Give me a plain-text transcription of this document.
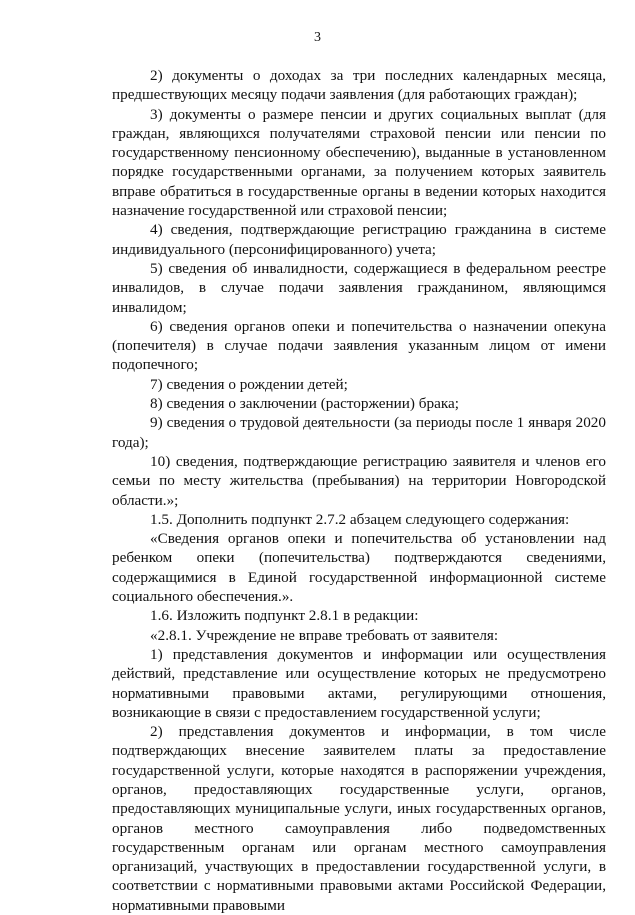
3

2) документы о доходах за три последних календарных месяца, предшествующих месяцу подачи заявления (для работающих граждан);

3) документы о размере пенсии и других социальных выплат (для граждан, являющихся получателями страховой пенсии или пенсии по государственному пенсионному обеспечению), выданные в установленном порядке государственными органами, за получением которых заявитель вправе обратиться в государственные органы в ведении которых находится назначение государственной или страховой пенсии;

4) сведения, подтверждающие регистрацию гражданина в системе индивидуального (персонифицированного) учета;

5) сведения об инвалидности, содержащиеся в федеральном реестре инвалидов, в случае подачи заявления гражданином, являющимся инвалидом;

6) сведения органов опеки и попечительства о назначении опекуна (попечителя) в случае подачи заявления указанным лицом от имени подопечного;

7) сведения о рождении детей;

8) сведения о заключении (расторжении) брака;

9) сведения о трудовой деятельности (за периоды после 1 января 2020 года);

10) сведения, подтверждающие регистрацию заявителя и членов его семьи по месту жительства (пребывания) на территории Новгородской области.»;

1.5. Дополнить подпункт 2.7.2 абзацем следующего содержания:

«Сведения органов опеки и попечительства об установлении над ребенком опеки (попечительства) подтверждаются сведениями, содержащимися в Единой государственной информационной системе социального обеспечения.».

1.6. Изложить подпункт 2.8.1 в редакции:

«2.8.1. Учреждение не вправе требовать от заявителя:

1) представления документов и информации или осуществления действий, представление или осуществление которых не предусмотрено нормативными правовыми актами, регулирующими отношения, возникающие в связи с предоставлением государственной услуги;

2) представления документов и информации, в том числе подтверждающих внесение заявителем платы за предоставление государственной услуги, которые находятся в распоряжении учреждения, органов, предоставляющих государственные услуги, органов, предоставляющих муниципальные услуги, иных государственных органов, органов местного самоуправления либо подведомственных государственным органам или органам местного самоуправления организаций, участвующих в предоставлении государственной услуги, в соответствии с нормативными правовыми актами Российской Федерации, нормативными правовыми
